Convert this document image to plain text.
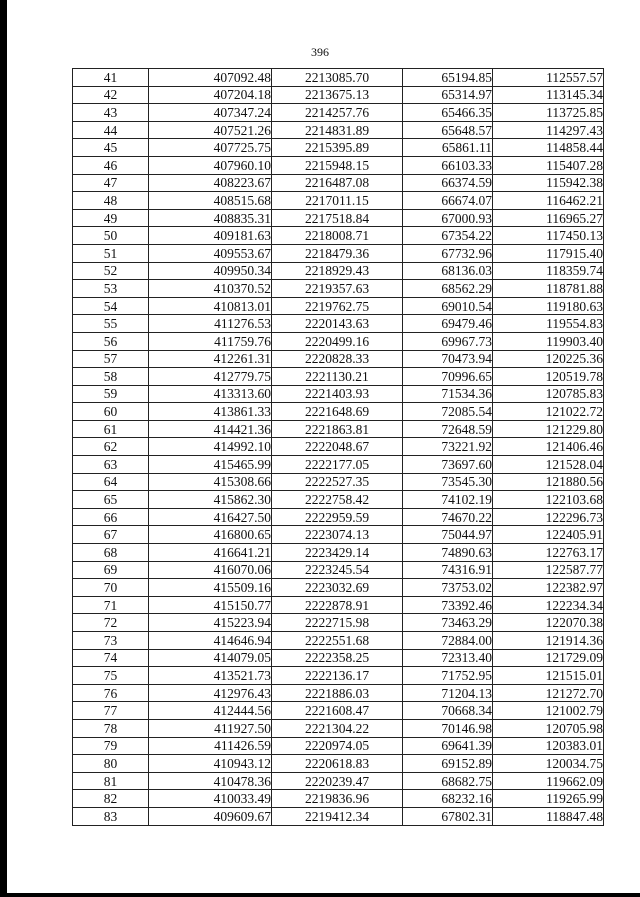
396
41	407092.48	2213085.70	65194.85	112557.57
42	407204.18	2213675.13	65314.97	113145.34
43	407347.24	2214257.76	65466.35	113725.85
44	407521.26	2214831.89	65648.57	114297.43
45	407725.75	2215395.89	65861.11	114858.44
46	407960.10	2215948.15	66103.33	115407.28
47	408223.67	2216487.08	66374.59	115942.38
48	408515.68	2217011.15	66674.07	116462.21
49	408835.31	2217518.84	67000.93	116965.27
50	409181.63	2218008.71	67354.22	117450.13
51	409553.67	2218479.36	67732.96	117915.40
52	409950.34	2218929.43	68136.03	118359.74
53	410370.52	2219357.63	68562.29	118781.88
54	410813.01	2219762.75	69010.54	119180.63
55	411276.53	2220143.63	69479.46	119554.83
56	411759.76	2220499.16	69967.73	119903.40
57	412261.31	2220828.33	70473.94	120225.36
58	412779.75	2221130.21	70996.65	120519.78
59	413313.60	2221403.93	71534.36	120785.83
60	413861.33	2221648.69	72085.54	121022.72
61	414421.36	2221863.81	72648.59	121229.80
62	414992.10	2222048.67	73221.92	121406.46
63	415465.99	2222177.05	73697.60	121528.04
64	415308.66	2222527.35	73545.30	121880.56
65	415862.30	2222758.42	74102.19	122103.68
66	416427.50	2222959.59	74670.22	122296.73
67	416800.65	2223074.13	75044.97	122405.91
68	416641.21	2223429.14	74890.63	122763.17
69	416070.06	2223245.54	74316.91	122587.77
70	415509.16	2223032.69	73753.02	122382.97
71	415150.77	2222878.91	73392.46	122234.34
72	415223.94	2222715.98	73463.29	122070.38
73	414646.94	2222551.68	72884.00	121914.36
74	414079.05	2222358.25	72313.40	121729.09
75	413521.73	2222136.17	71752.95	121515.01
76	412976.43	2221886.03	71204.13	121272.70
77	412444.56	2221608.47	70668.34	121002.79
78	411927.50	2221304.22	70146.98	120705.98
79	411426.59	2220974.05	69641.39	120383.01
80	410943.12	2220618.83	69152.89	120034.75
81	410478.36	2220239.47	68682.75	119662.09
82	410033.49	2219836.96	68232.16	119265.99
83	409609.67	2219412.34	67802.31	118847.48
